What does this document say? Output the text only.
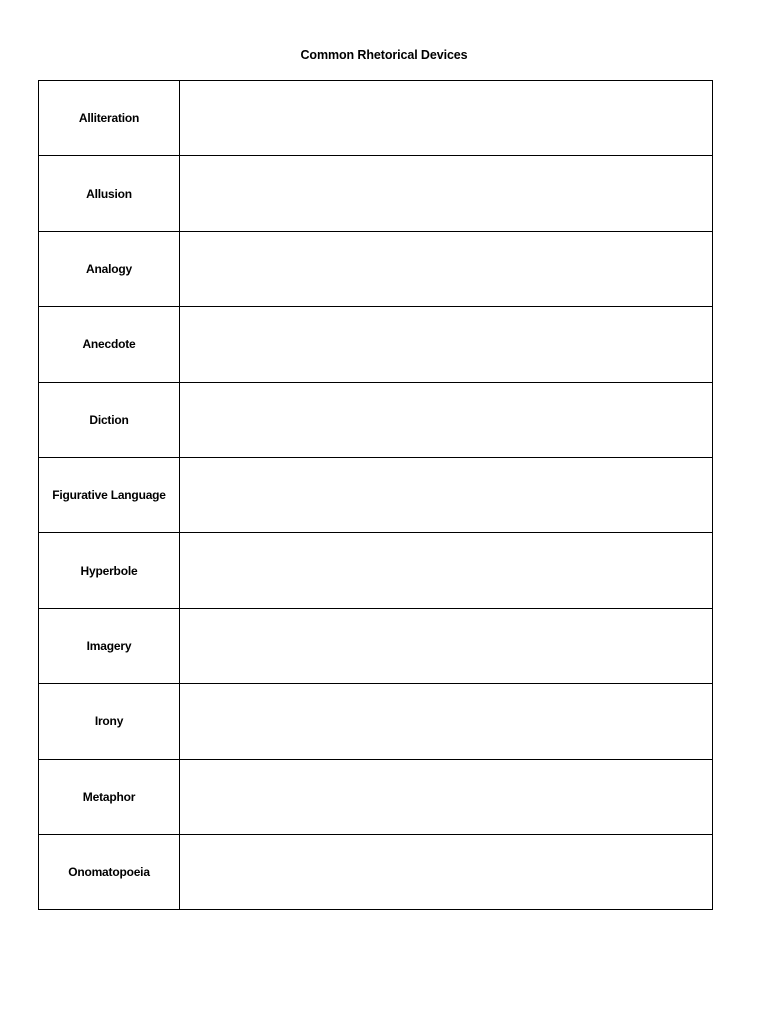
Common Rhetorical Devices
Alliteration	
Allusion	
Analogy	
Anecdote	
Diction	
Figurative Language	
Hyperbole	
Imagery	
Irony	
Metaphor	
Onomatopoeia	
